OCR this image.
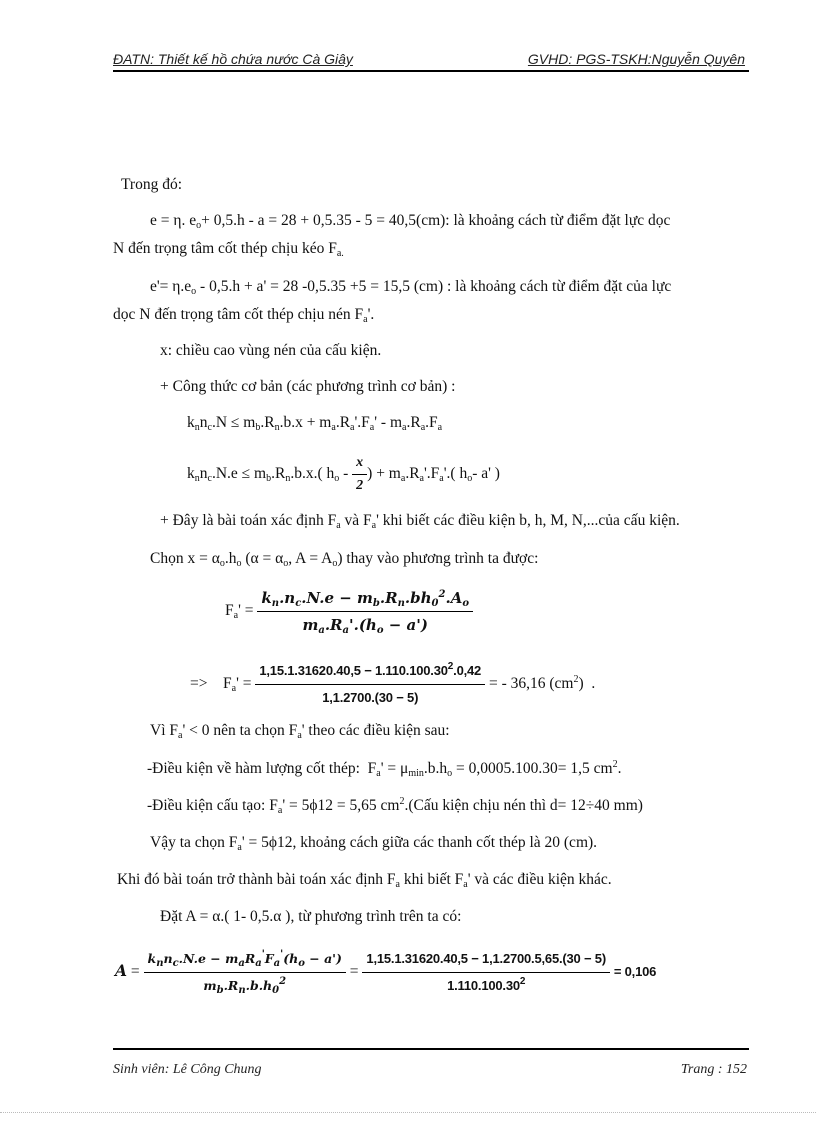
ĐATN: Thiết kế hồ chứa nước Cà Giây	GVHD: PGS-TSKH:Nguyễn Quyên
Trong đó:
e = η. $e_o+ 0,5.h - a = 28 + 0,5.35 - 5 = 40,5(cm)$: là khoảng cách từ điểm đặt lực dọc
N đến trọng tâm cốt thép chịu kéo $F_{a.}$
$e'= \eta.e_o - 0,5.h + a' = 28$ -0,5.35 +5 = 15,5 (cm) : là khoảng cách từ điểm đặt của lực
dọc N đến trọng tâm cốt thép chịu nén $F_a'$.
x: chiều cao vùng nén của cấu kiện.
+ Công thức cơ bản (các phương trình cơ bản) :
$k_nn_c.N \le m_b.R_n.b.x + m_a.R_a'.F_a' - m_a.R_a.F_a$
$k_nn_c.N.e \le m_b.R_n.b.x$.( $h_o - \frac{x}{2}$ ) + $m_a.R_a'.F_a'$.( $h_o-$ a' )
+ Đây là bài toán xác định $F_a$ và $F_a'$ khi biết các điều kiện b, h, M, N,...của cấu kiện.
Chọn $x = \alpha_o.h_o$ ($\alpha = \alpha_o$, $A = A_o$) thay vào phương trình ta được:
$F_a' = \frac{k_n.n_c.N.e - m_b.R_n.bh_0^2.A_o}{m_a.R_a'.(h_o - a')}$
=>    $F_a' = \frac{1,15.1.31620.40,5 - 1.110.100.30^2.0,42}{1,1.2700.(30 - 5)}$ = - 36,16 $(cm^2)$  .
Vì $F_a' < 0$ nên ta chọn $F_a'$ theo các điều kiện sau:
-Điều kiện về hàm lượng cốt thép:  $F_a' = \mu_{min}.b.h_o = 0,0005.100.30= 1,5$ $cm^2$.
-Điều kiện cấu tạo: $F_a' = 5\phi 12 = 5,65$ $cm^2.(Cấu$ kiện chịu nén thì d= 12÷40 mm)
Vậy ta chọn $F_a' = 5\phi 12$, khoảng cách giữa các thanh cốt thép là 20 (cm).
Khi đó bài toán trở thành bài toán xác định $F_a$ khi biết $F_a'$ và các điều kiện khác.
Đặt A = α.( 1- 0,5.α ), từ phương trình trên ta có:
$A = \frac{k_nn_c.N.e - m_aR_a'F_a'(h_o - a')}{m_b.R_n.b.h_0^2} = \frac{1,15.1.31620.40,5 - 1,1.2700.5,65.(30 - 5)}{1.110.100.30^2} = 0,106$
Sinh viên: Lê Công Chung	Trang : 152
